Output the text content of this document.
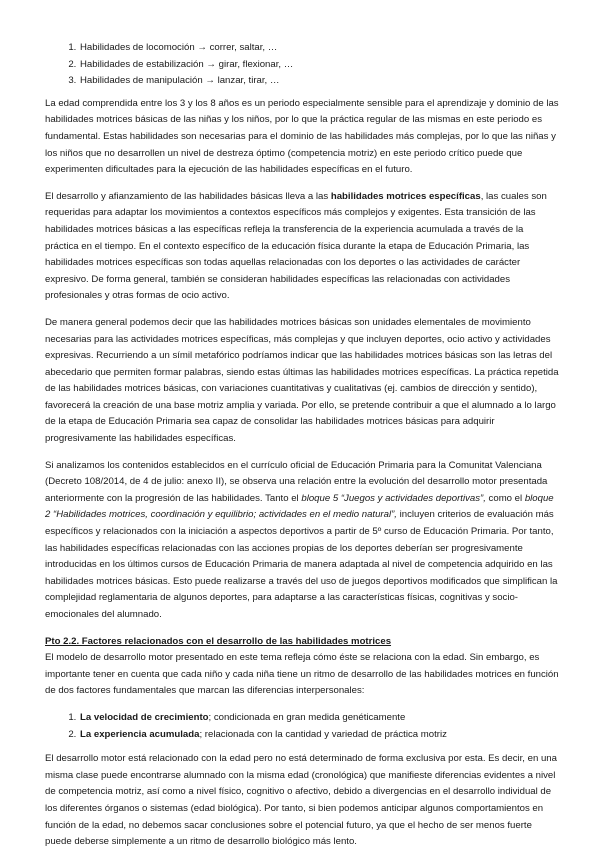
1. Habilidades de locomoción → correr, saltar, …
2. Habilidades de estabilización → girar, flexionar, …
3. Habilidades de manipulación → lanzar, tirar, …

La edad comprendida entre los 3 y los 8 años es un periodo especialmente sensible para el aprendizaje y dominio de las habilidades motrices básicas de las niñas y los niños, por lo que la práctica regular de las mismas en este periodo es fundamental. Estas habilidades son necesarias para el dominio de las habilidades más complejas, por lo que las niñas y los niños que no desarrollen un nivel de destreza óptimo (competencia motriz) en este periodo crítico puede que experimenten dificultades para la ejecución de las habilidades específicas en el futuro.

El desarrollo y afianzamiento de las habilidades básicas lleva a las habilidades motrices específicas, las cuales son requeridas para adaptar los movimientos a contextos específicos más complejos y exigentes. Esta transición de las habilidades motrices básicas a las específicas refleja la transferencia de la experiencia acumulada a través de la práctica en el tiempo. En el contexto específico de la educación física durante la etapa de Educación Primaria, las habilidades motrices específicas son todas aquellas relacionadas con los deportes o las actividades de carácter expresivo. De forma general, también se consideran habilidades específicas las relacionadas con actividades profesionales y otras formas de ocio activo.

De manera general podemos decir que las habilidades motrices básicas son unidades elementales de movimiento necesarias para las actividades motrices específicas, más complejas y que incluyen deportes, ocio activo y actividades expresivas. Recurriendo a un símil metafórico podríamos indicar que las habilidades motrices básicas son las letras del abecedario que permiten formar palabras, siendo estas últimas las habilidades motrices específicas. La práctica repetida de las habilidades motrices básicas, con variaciones cuantitativas y cualitativas (ej. cambios de dirección y sentido), favorecerá la creación de una base motriz amplia y variada. Por ello, se pretende contribuir a que el alumnado a lo largo de la etapa de Educación Primaria sea capaz de consolidar las habilidades motrices básicas para adquirir progresivamente las habilidades específicas.

Si analizamos los contenidos establecidos en el currículo oficial de Educación Primaria para la Comunitat Valenciana (Decreto 108/2014, de 4 de julio: anexo II), se observa una relación entre la evolución del desarrollo motor presentada anteriormente con la progresión de las habilidades. Tanto el bloque 5 “Juegos y actividades deportivas”, como el bloque 2 “Habilidades motrices, coordinación y equilibrio; actividades en el medio natural”, incluyen criterios de evaluación más específicos y relacionados con la iniciación a aspectos deportivos a partir de 5º curso de Educación Primaria. Por tanto, las habilidades específicas relacionadas con las acciones propias de los deportes deberían ser progresivamente introducidas en los últimos cursos de Educación Primaria de manera adaptada al nivel de competencia adquirido en las habilidades motrices básicas. Esto puede realizarse a través del uso de juegos deportivos modificados que simplifican la complejidad reglamentaria de algunos deportes, para adaptarse a las características físicas, cognitivas y socio-emocionales del alumnado.

Pto 2.2. Factores relacionados con el desarrollo de las habilidades motrices

El modelo de desarrollo motor presentado en este tema refleja cómo éste se relaciona con la edad. Sin embargo, es importante tener en cuenta que cada niño y cada niña tiene un ritmo de desarrollo de las habilidades motrices en función de dos factores fundamentales que marcan las diferencias interpersonales:

1. La velocidad de crecimiento; condicionada en gran medida genéticamente
2. La experiencia acumulada; relacionada con la cantidad y variedad de práctica motriz

El desarrollo motor está relacionado con la edad pero no está determinado de forma exclusiva por esta. Es decir, en una misma clase puede encontrarse alumnado con la misma edad (cronológica) que manifieste diferencias evidentes a nivel de competencia motriz, así como a nivel físico, cognitivo o afectivo, debido a divergencias en el desarrollo individual de los diferentes órganos o sistemas (edad biológica). Por tanto, si bien podemos anticipar algunos comportamientos en función de la edad, no debemos sacar conclusiones sobre el potencial futuro, ya que el hecho de ser menos fuerte puede deberse simplemente a un ritmo de desarrollo biológico más lento.
